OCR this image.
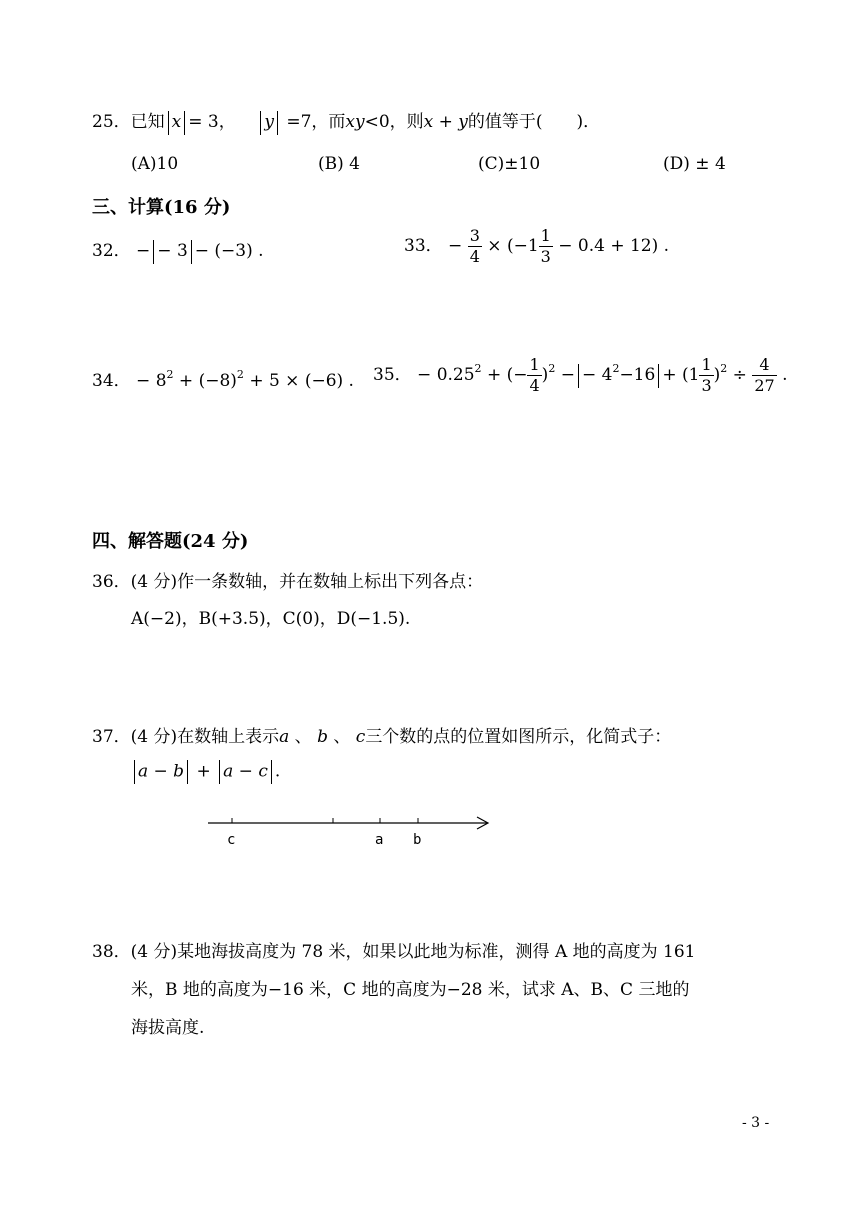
25．已知 x = 3， y =7，而xy<0，则x + y的值等于(　　)．
(A)10	(B) 4	(C)±10	(D) ± 4
三、计算(16 分)
32． − − 3 − (−3) .	33． − $\frac{3}{4} \times (-1 \frac{1}{3} - 0.4 + 12)$ .
34． − $8^2 + (-8)^2 + 5 \times (-6)$ . 35． − $0.25^2$ + (− $\frac{1}{4} )^2$ − − $4^2-16 + (1 \frac{1}{3} )^2 \div \frac{4}{27}$ .
四、解答题(24 分)
36．(4 分)作一条数轴，并在数轴上标出下列各点：
A(−2)，B(+3.5)，C(0)，D(−1.5).
37．(4 分)在数轴上表示a 、 b 、 c三个数的点的位置如图所示，化简式子：
a − b + a − c .
c	a b
38．(4 分)某地海拔高度为 78 米，如果以此地为标准，测得 A 地的高度为 161
米，B 地的高度为−16 米，C 地的高度为−28 米，试求 A、B、C 三地的
海拔高度.
- 3 -
